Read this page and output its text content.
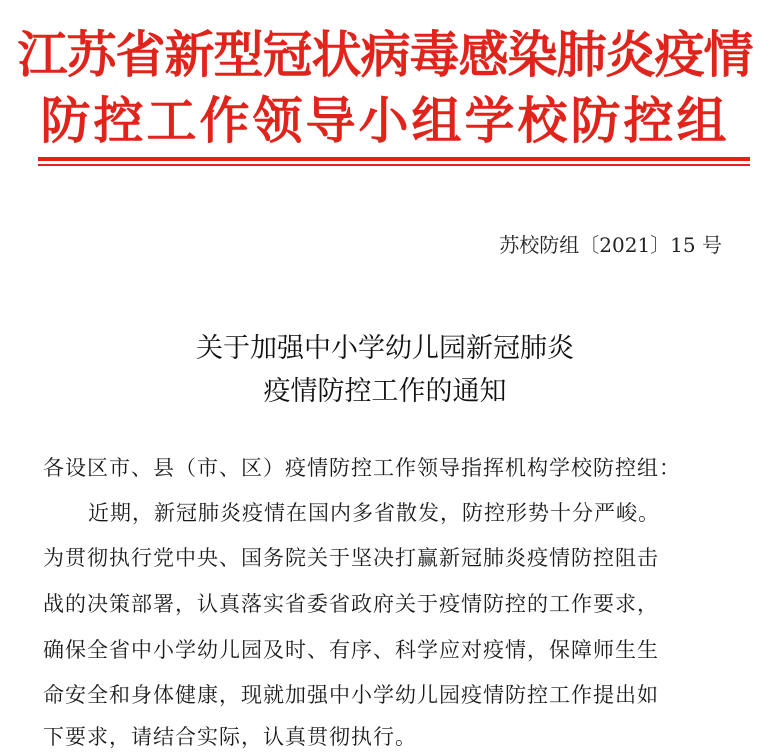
江苏省新型冠状病毒感染肺炎疫情
防控工作领导小组学校防控组
苏校防组〔2021〕15 号
关于加强中小学幼儿园新冠肺炎
疫情防控工作的通知
各设区市、县（市、区）疫情防控工作领导指挥机构学校防控组：
近期，新冠肺炎疫情在国内多省散发，防控形势十分严峻。
为贯彻执行党中央、国务院关于坚决打赢新冠肺炎疫情防控阻击
战的决策部署，认真落实省委省政府关于疫情防控的工作要求，
确保全省中小学幼儿园及时、有序、科学应对疫情，保障师生生
命安全和身体健康，现就加强中小学幼儿园疫情防控工作提出如
下要求，请结合实际，认真贯彻执行。
